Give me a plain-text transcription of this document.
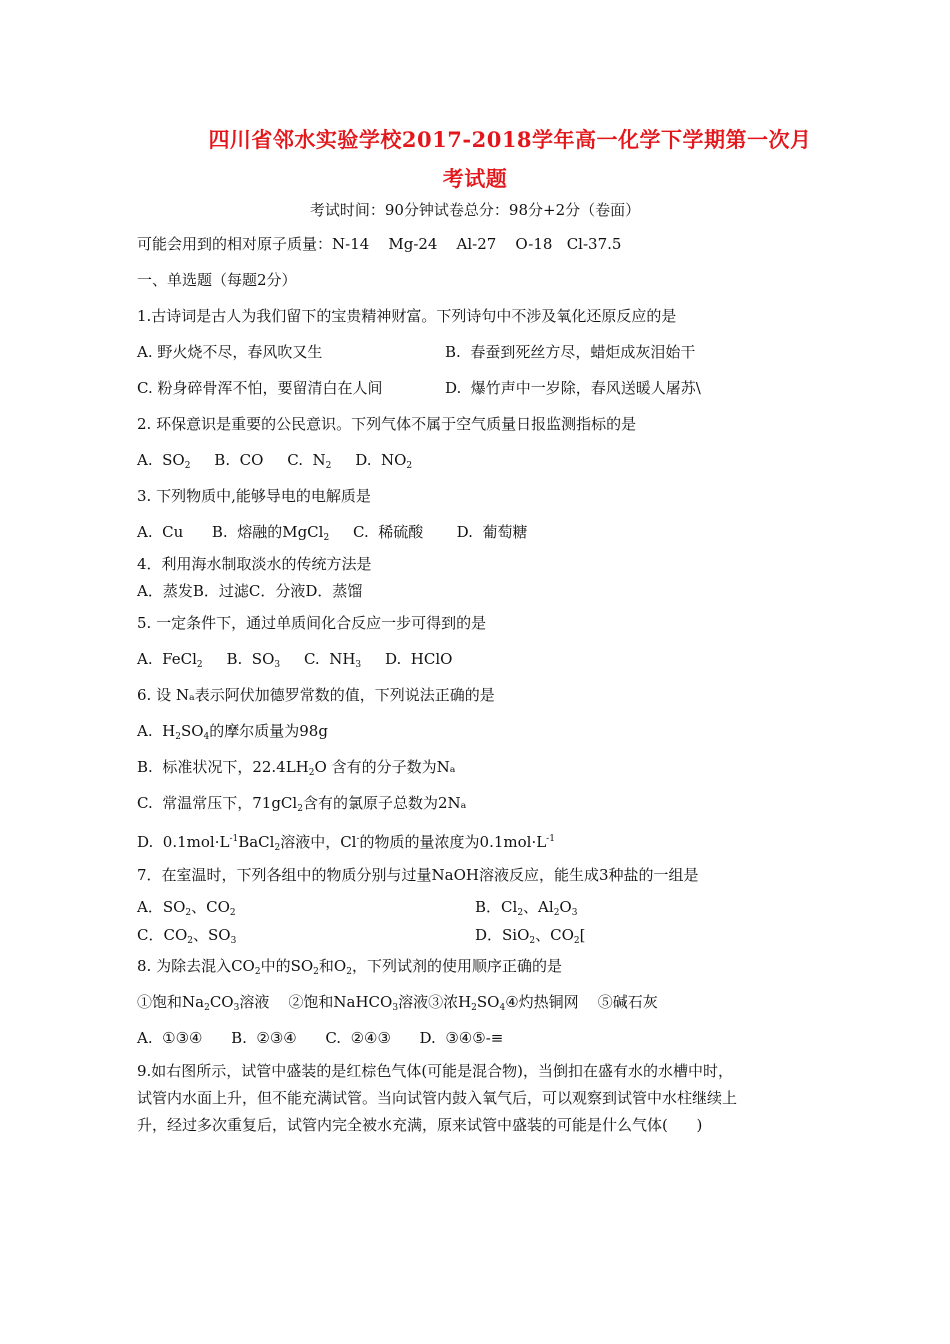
四川省邻水实验学校2017-2018学年高一化学下学期第一次月
考试题
考试时间：90分钟试卷总分：98分+2分（卷面）
可能会用到的相对原子质量：N-14    Mg-24    Al-27    O-18   Cl-37.5
一、单选题（每题2分）
1.古诗词是古人为我们留下的宝贵精神财富。下列诗句中不涉及氧化还原反应的是
A. 野火烧不尽，春风吹又生	B.  春蚕到死丝方尽，蜡炬成灰泪始干
C. 粉身碎骨浑不怕，要留清白在人间	D.  爆竹声中一岁除，春风送暖人屠苏\
2. 环保意识是重要的公民意识。下列气体不属于空气质量日报监测指标的是
A.  $SO_2$     B.  CO     C.  $N_2$     D.  $NO_2$
3. 下列物质中,能够导电的电解质是
A.  Cu      B.  熔融的MgCl$_2$     C.  稀硫酸       D.  葡萄糖
4．利用海水制取淡水的传统方法是
A．蒸发B．过滤C．分液D．蒸馏
5. 一定条件下，通过单质间化合反应一步可得到的是
A.  FeCl$_2$     B.  $SO_3$     C.  $NH_3$     D.  HClO
6. 设 Nₐ表示阿伏加德罗常数的值，下列说法正确的是
A.  $H_2SO_4$的摩尔质量为98g
B.  标准状况下，$22.4LH_2O$ 含有的分子数为Nₐ
C.  常温常压下，71gCl$_2$含有的氯原子总数为2Nₐ
D.  $0.1mol\cdot L^{-1}BaCl_2$溶液中，Cl-的物质的量浓度为$0.1mol\cdot L^{-1}$
7．在室温时，下列各组中的物质分别与过量NaOH溶液反应，能生成3种盐的一组是
A．$SO_2$、$CO_2$	B．$Cl_2$、$Al_2O_3$
C．$CO_2$、$SO_3$	D．SiO$_2$、$CO_2$[
8. 为除去混入$CO_2$中的$SO_2$和$O_2$，下列试剂的使用顺序正确的是
①饱和$Na_2CO_3$溶液    ②饱和NaHCO$_3$溶液③浓$H_2SO_4④$灼热铜网    ⑤碱石灰
A.  ①③④      B.  ②③④      C.  ②④③      D.  ③④⑤-≡
9.如右图所示，试管中盛装的是红棕色气体(可能是混合物)，当倒扣在盛有水的水槽中时，
试管内水面上升，但不能充满试管。当向试管内鼓入氧气后，可以观察到试管中水柱继续上
升，经过多次重复后，试管内完全被水充满，原来试管中盛装的可能是什么气体(      )
